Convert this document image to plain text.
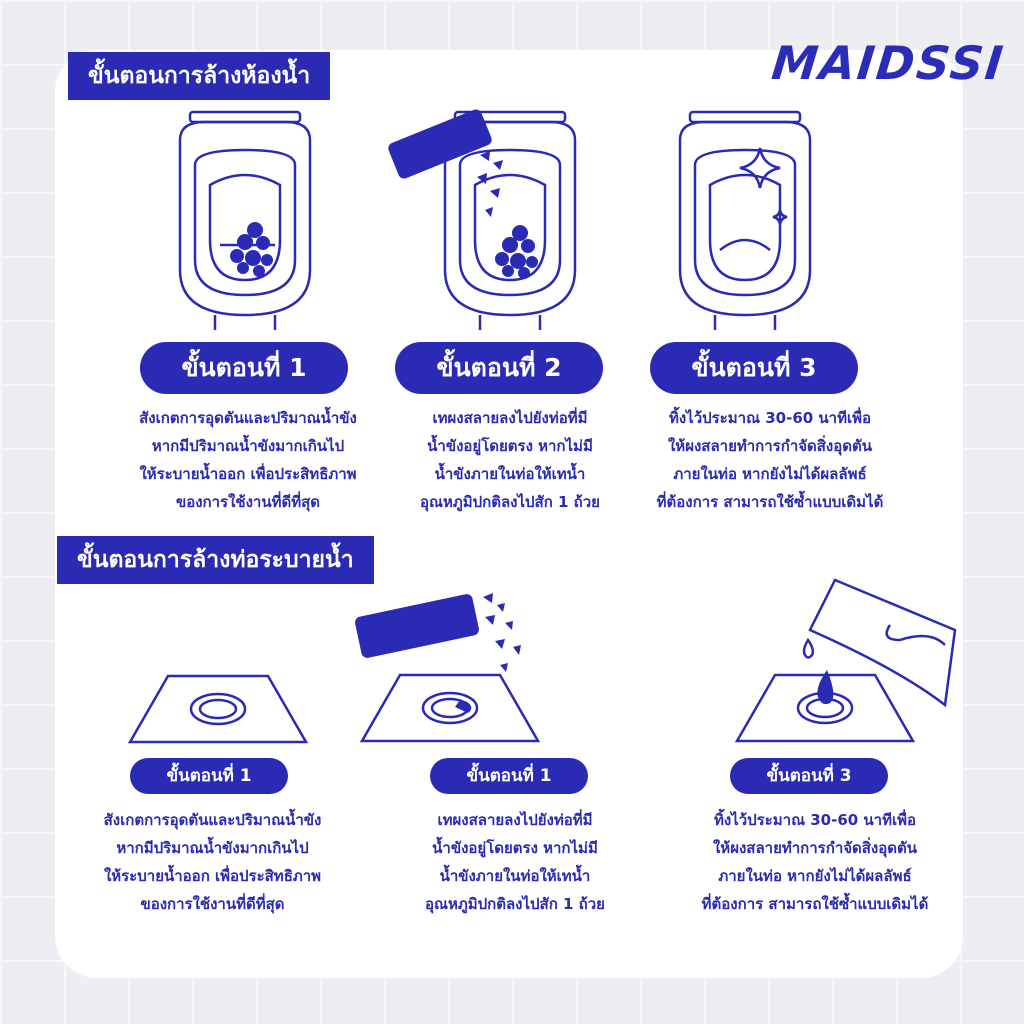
MAIDSSI
ขั้นตอนการล้างห้องน้ำ
ขั้นตอนที่ 1	ขั้นตอนที่ 2	ขั้นตอนที่ 3
สังเกตการอุดตันและปริมาณน้ำขัง
หากมีปริมาณน้ำขังมากเกินไป
ให้ระบายน้ำออก เพื่อประสิทธิภาพ
ของการใช้งานที่ดีที่สุด
เทผงสลายลงไปยังท่อที่มี
น้ำขังอยู่โดยตรง หากไม่มี
น้ำขังภายในท่อให้เทน้ำ
อุณหภูมิปกติลงไปสัก 1 ถ้วย
ทิ้งไว้ประมาณ 30-60 นาทีเพื่อ
ให้ผงสลายทำการกำจัดสิ่งอุดตัน
ภายในท่อ หากยังไม่ได้ผลลัพธ์
ที่ต้องการ สามารถใช้ซ้ำแบบเดิมได้
ขั้นตอนการล้างท่อระบายน้ำ
ขั้นตอนที่ 1	ขั้นตอนที่ 1	ขั้นตอนที่ 3
สังเกตการอุดตันและปริมาณน้ำขัง
หากมีปริมาณน้ำขังมากเกินไป
ให้ระบายน้ำออก เพื่อประสิทธิภาพ
ของการใช้งานที่ดีที่สุด
เทผงสลายลงไปยังท่อที่มี
น้ำขังอยู่โดยตรง หากไม่มี
น้ำขังภายในท่อให้เทน้ำ
อุณหภูมิปกติลงไปสัก 1 ถ้วย
ทิ้งไว้ประมาณ 30-60 นาทีเพื่อ
ให้ผงสลายทำการกำจัดสิ่งอุดตัน
ภายในท่อ หากยังไม่ได้ผลลัพธ์
ที่ต้องการ สามารถใช้ซ้ำแบบเดิมได้
